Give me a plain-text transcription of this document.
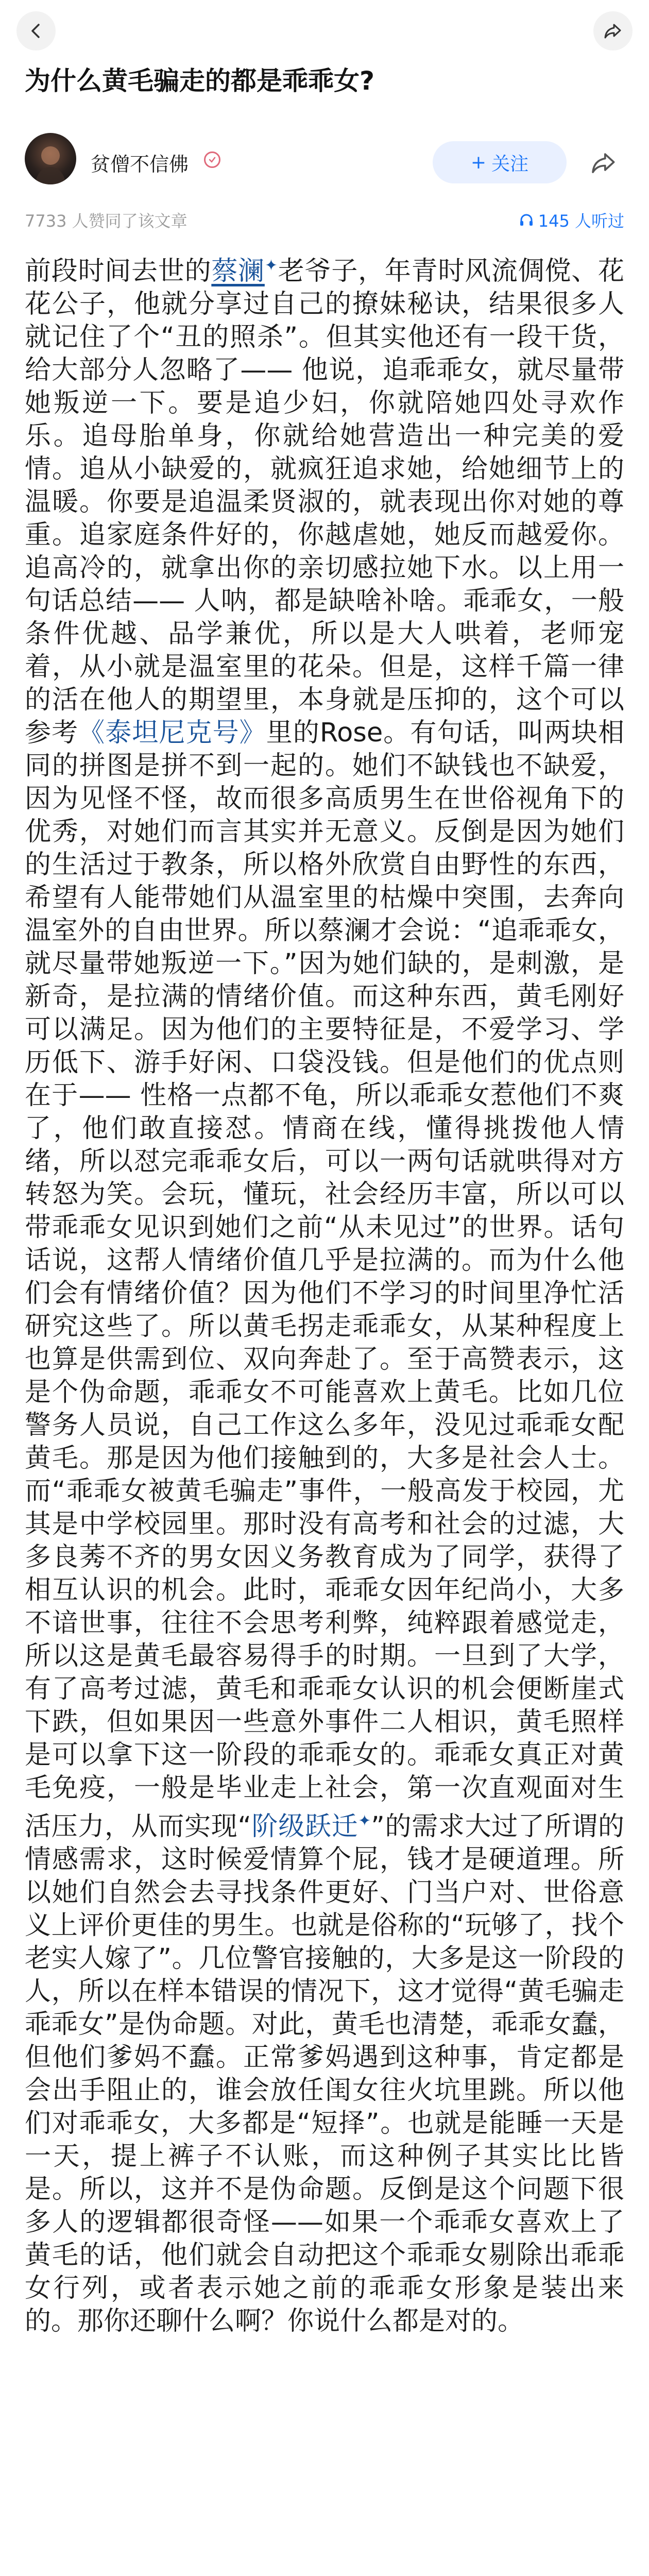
为什么黄毛骗走的都是乖乖女?
贫僧不信佛	+ 关注
7733 人赞同了该文章	145 人听过

前段时间去世的蔡澜✦老爷子，年青时风流倜傥、花花公子，他就分享过自己的撩妹秘诀，结果很多人就记住了个“丑的照杀”。但其实他还有一段干货，给大部分人忽略了—— 他说，追乖乖女，就尽量带她叛逆一下。要是追少妇，你就陪她四处寻欢作乐。追母胎单身，你就给她营造出一种完美的爱情。追从小缺爱的，就疯狂追求她，给她细节上的温暖。你要是追温柔贤淑的，就表现出你对她的尊重。追家庭条件好的，你越虐她，她反而越爱你。追高冷的，就拿出你的亲切感拉她下水。以上用一句话总结—— 人呐，都是缺啥补啥。乖乖女，一般条件优越、品学兼优，所以是大人哄着，老师宠着，从小就是温室里的花朵。但是，这样千篇一律的活在他人的期望里，本身就是压抑的，这个可以参考《泰坦尼克号》里的Rose。有句话，叫两块相同的拼图是拼不到一起的。她们不缺钱也不缺爱，因为见怪不怪，故而很多高质男生在世俗视角下的优秀，对她们而言其实并无意义。反倒是因为她们的生活过于教条，所以格外欣赏自由野性的东西，希望有人能带她们从温室里的枯燥中突围，去奔向温室外的自由世界。所以蔡澜才会说：“追乖乖女，就尽量带她叛逆一下。”因为她们缺的，是刺激，是新奇，是拉满的情绪价值。而这种东西，黄毛刚好可以满足。因为他们的主要特征是，不爱学习、学历低下、游手好闲、口袋没钱。但是他们的优点则在于—— 性格一点都不龟，所以乖乖女惹他们不爽了，他们敢直接怼。情商在线，懂得挑拨他人情绪，所以怼完乖乖女后，可以一两句话就哄得对方转怒为笑。会玩，懂玩，社会经历丰富，所以可以带乖乖女见识到她们之前“从未见过”的世界。话句话说，这帮人情绪价值几乎是拉满的。而为什么他们会有情绪价值？因为他们不学习的时间里净忙活研究这些了。所以黄毛拐走乖乖女，从某种程度上也算是供需到位、双向奔赴了。至于高赞表示，这是个伪命题，乖乖女不可能喜欢上黄毛。比如几位警务人员说，自己工作这么多年，没见过乖乖女配黄毛。那是因为他们接触到的，大多是社会人士。而“乖乖女被黄毛骗走”事件，一般高发于校园，尤其是中学校园里。那时没有高考和社会的过滤，大多良莠不齐的男女因义务教育成为了同学，获得了相互认识的机会。此时，乖乖女因年纪尚小，大多不谙世事，往往不会思考利弊，纯粹跟着感觉走，所以这是黄毛最容易得手的时期。一旦到了大学，有了高考过滤，黄毛和乖乖女认识的机会便断崖式下跌，但如果因一些意外事件二人相识，黄毛照样是可以拿下这一阶段的乖乖女的。乖乖女真正对黄毛免疫，一般是毕业走上社会，第一次直观面对生活压力，从而实现“阶级跃迁✦”的需求大过了所谓的情感需求，这时候爱情算个屁，钱才是硬道理。所以她们自然会去寻找条件更好、门当户对、世俗意义上评价更佳的男生。也就是俗称的“玩够了，找个老实人嫁了”。几位警官接触的，大多是这一阶段的人，所以在样本错误的情况下，这才觉得“黄毛骗走乖乖女”是伪命题。对此，黄毛也清楚，乖乖女蠢，但他们爹妈不蠢。正常爹妈遇到这种事，肯定都是会出手阻止的，谁会放任闺女往火坑里跳。所以他们对乖乖女，大多都是“短择”。也就是能睡一天是一天，提上裤子不认账，而这种例子其实比比皆是。所以，这并不是伪命题。反倒是这个问题下很多人的逻辑都很奇怪——如果一个乖乖女喜欢上了黄毛的话，他们就会自动把这个乖乖女剔除出乖乖女行列，或者表示她之前的乖乖女形象是装出来的。那你还聊什么啊？你说什么都是对的。
